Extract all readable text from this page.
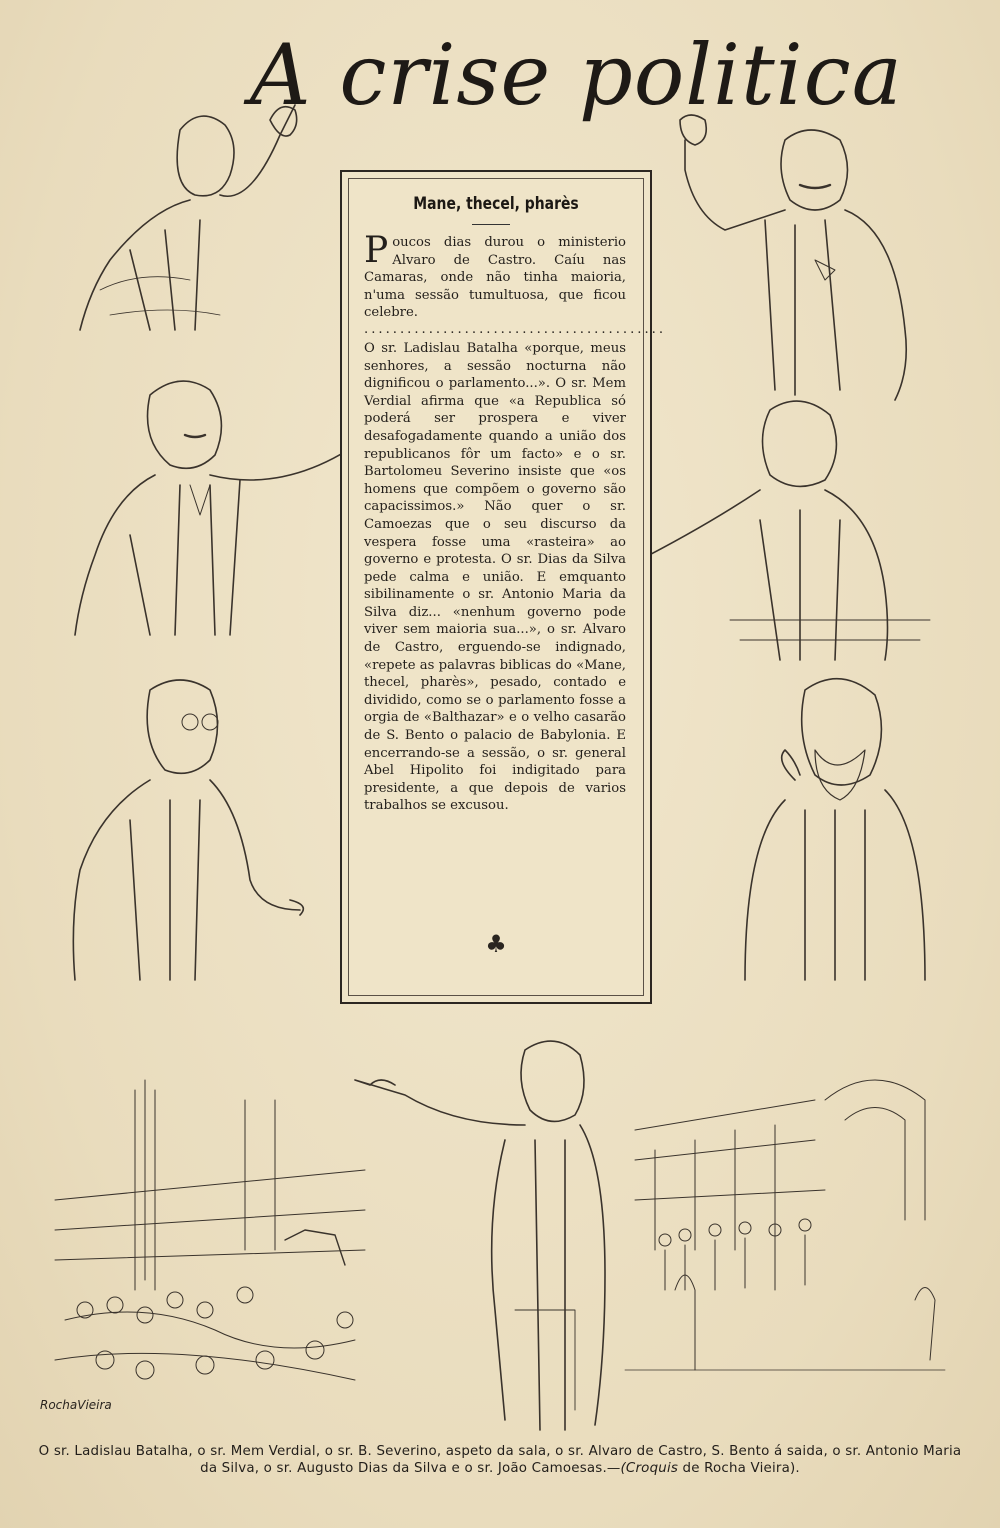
A crise politica
Mane, thecel, pharès

Poucos dias durou o ministerio Alvaro de Castro. Caíu nas Camaras, onde não tinha maioria, n'uma sessão tumultuosa, que ficou celebre.

..........................................

O sr. Ladislau Batalha «porque, meus senhores, a sessão nocturna não dignificou o parlamento...». O sr. Mem Verdial afirma que «a Republica só poderá ser prospera e viver desafogadamente quando a união dos republicanos fôr um facto» e o sr. Bartolomeu Severino insiste que «os homens que compõem o governo são capacissimos.» Não quer o sr. Camoezas que o seu discurso da vespera fosse uma «rasteira» ao governo e protesta. O sr. Dias da Silva pede calma e união. E emquanto sibilinamente o sr. Antonio Maria da Silva diz... «nenhum governo pode viver sem maioria sua...», o sr. Alvaro de Castro, erguendo-se indignado, «repete as palavras biblicas do «Mane, thecel, pharès», pesado, contado e dividido, como se o parlamento fosse a orgia de «Balthazar» e o velho casarão de S. Bento o palacio de Babylonia. E encerrando-se a sessão, o sr. general Abel Hipolito foi indigitado para presidente, a que depois de varios trabalhos se excusou.

♣
RochaVieira
O sr. Ladislau Batalha, o sr. Mem Verdial, o sr. B. Severino, aspeto da sala, o sr. Alvaro de Castro, S. Bento á saida, o sr. Antonio Maria da Silva, o sr. Augusto Dias da Silva e o sr. João Camoesas.—(Croquis de Rocha Vieira).
